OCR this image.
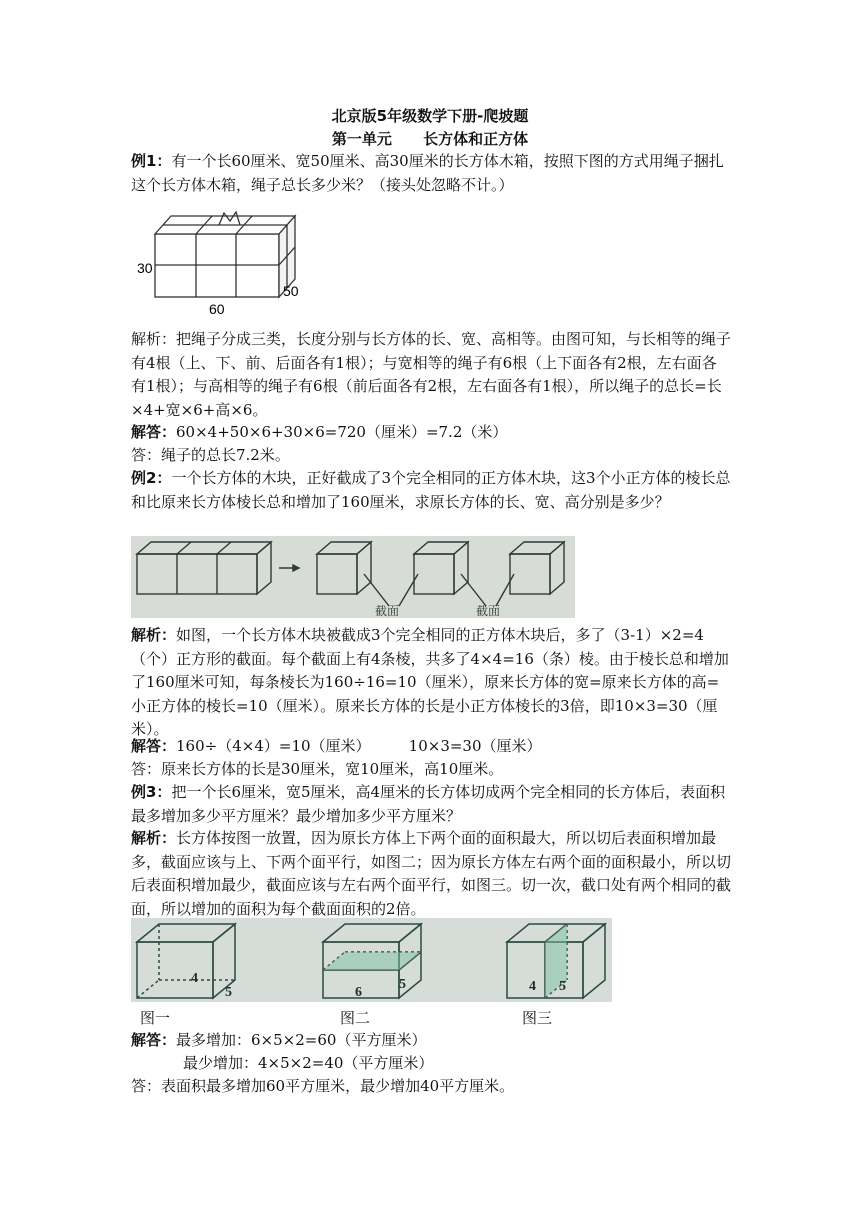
北京版5年级数学下册-爬坡题
第一单元      长方体和正方体
例1：有一个长60厘米、宽50厘米、高30厘米的长方体木箱，按照下图的方式用绳子捆扎这个长方体木箱，绳子总长多少米？（接头处忽略不计。）
30
60
50
解析：把绳子分成三类，长度分别与长方体的长、宽、高相等。由图可知，与长相等的绳子有4根（上、下、前、后面各有1根）；与宽相等的绳子有6根（上下面各有2根，左右面各有1根）；与高相等的绳子有6根（前后面各有2根，左右面各有1根），所以绳子的总长=长×4+宽×6+高×6。
解答：60×4+50×6+30×6=720（厘米）=7.2（米）
答：绳子的总长7.2米。
例2：一个长方体的木块，正好截成了3个完全相同的正方体木块，这3个小正方体的棱长总和比原来长方体棱长总和增加了160厘米，求原长方体的长、宽、高分别是多少？
截面	截面
解析：如图，一个长方体木块被截成3个完全相同的正方体木块后，多了（3-1）×2=4（个）正方形的截面。每个截面上有4条棱，共多了4×4=16（条）棱。由于棱长总和增加了160厘米可知，每条棱长为160÷16=10（厘米），原来长方体的宽=原来长方体的高=小正方体的棱长=10（厘米）。原来长方体的长是小正方体棱长的3倍，即10×3=30（厘米）。
解答：160÷（4×4）=10（厘米）        10×3=30（厘米）
答：原来长方体的长是30厘米，宽10厘米，高10厘米。
例3：把一个长6厘米，宽5厘米，高4厘米的长方体切成两个完全相同的长方体后，表面积最多增加多少平方厘米？最少增加多少平方厘米？
解析：长方体按图一放置，因为原长方体上下两个面的面积最大，所以切后表面积增加最多，截面应该与上、下两个面平行，如图二；因为原长方体左右两个面的面积最小，所以切后表面积增加最少，截面应该与左右两个面平行，如图三。切一次，截口处有两个相同的截面，所以增加的面积为每个截面面积的2倍。
4
5	6
5	4 5
图一	图二	图三
解答：最多增加：6×5×2=60（平方厘米）
最少增加：4×5×2=40（平方厘米）
答：表面积最多增加60平方厘米，最少增加40平方厘米。
